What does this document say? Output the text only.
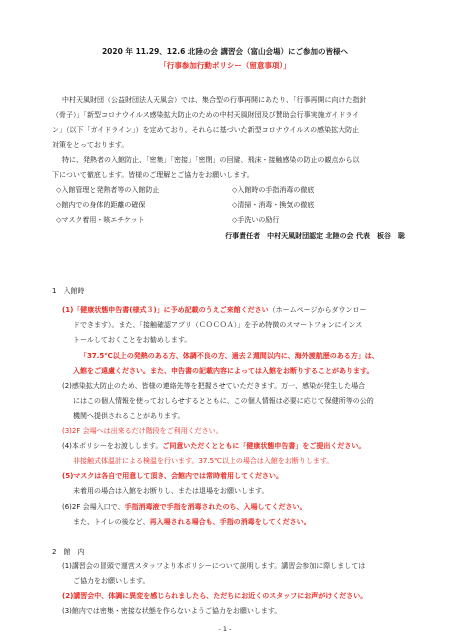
2020 年 11.29、12.6 北陸の会 講習会（富山会場）にご参加の皆様へ
「行事参加行動ポリシー（留意事項）」
中村天風財団（公益財団法人天風会）では、集合型の行事再開にあたり、「行事再開に向けた指針
（骨子）」「新型コロナウイルス感染拡大防止のための中村天風財団及び賛助会行事実施ガイドライ
ン」（以下「ガイドライン」）を定めており、それらに基づいた新型コロナウイルスの感染拡大防止
対策をとっております。
特に、発熱者の入館防止、「密集」「密接」「密閉」の回避、飛沫・接触感染の防止の観点から以
下について徹底します。皆様のご理解とご協力をお願いします。
◇入館管理と発熱者等の入館防止	◇入館時の手指消毒の徹底
◇館内での身体的距離の確保	◇清掃・消毒・換気の徹底
◇マスク着用・咳エチケット	◇手洗いの励行
行事責任者　中村天風財団認定 北陸の会 代表　板谷　聡
1　入館時
(1)「健康状態申告書(様式３)」に予め記載のうえご来館ください（ホームページからダウンロー
ドできます）。また、「接触確認アプリ（ＣＯＣＯＡ）」を予め特徴のスマートフォンにインス
トールしておくことをお勧めします。
「37.5℃以上の発熱のある方、体調不良の方、過去２週間以内に、海外渡航歴のある方」は、
入館をご遠慮ください。また、申告書の記載内容によっては入館をお断りすることがあります。
(2)感染拡大防止のため、皆様の連絡先等を把握させていただきます。万一、感染が発生した場合
にはこの個人情報を使っておしらせするとともに、この個人情報は必要に応じて保健所等の公的
機関へ提供されることがあります。
(3)2F 会場へは出来るだけ階段をご利用ください。
(4)本ポリシーをお渡しします。ご同意いただくとともに「健康状態申告書」をご提出ください。
非接触式体温計による検温を行います。37.5℃以上の場合は入館をお断りします。
(5)マスクは各自で用意して頂き、会館内では常時着用してください。
未着用の場合は入館をお断りし、または退場をお願いします。
(6)2F 会場入口で、手指消毒液で手指を消毒されたのち、入場してください。
また、トイレの後など、再入場される場合も、手指の消毒をしてください。
2　館　内
(1)講習会の冒頭で運営スタッフより本ポリシーについて説明します。講習会参加に際しましては
ご協力をお願いします。
(2)講習会中、体調に異変を感じられましたら、ただちにお近くのスタッフにお声がけください。
(3)館内では密集・密接な状態を作らないようご協力をお願いします。
- 1 -
